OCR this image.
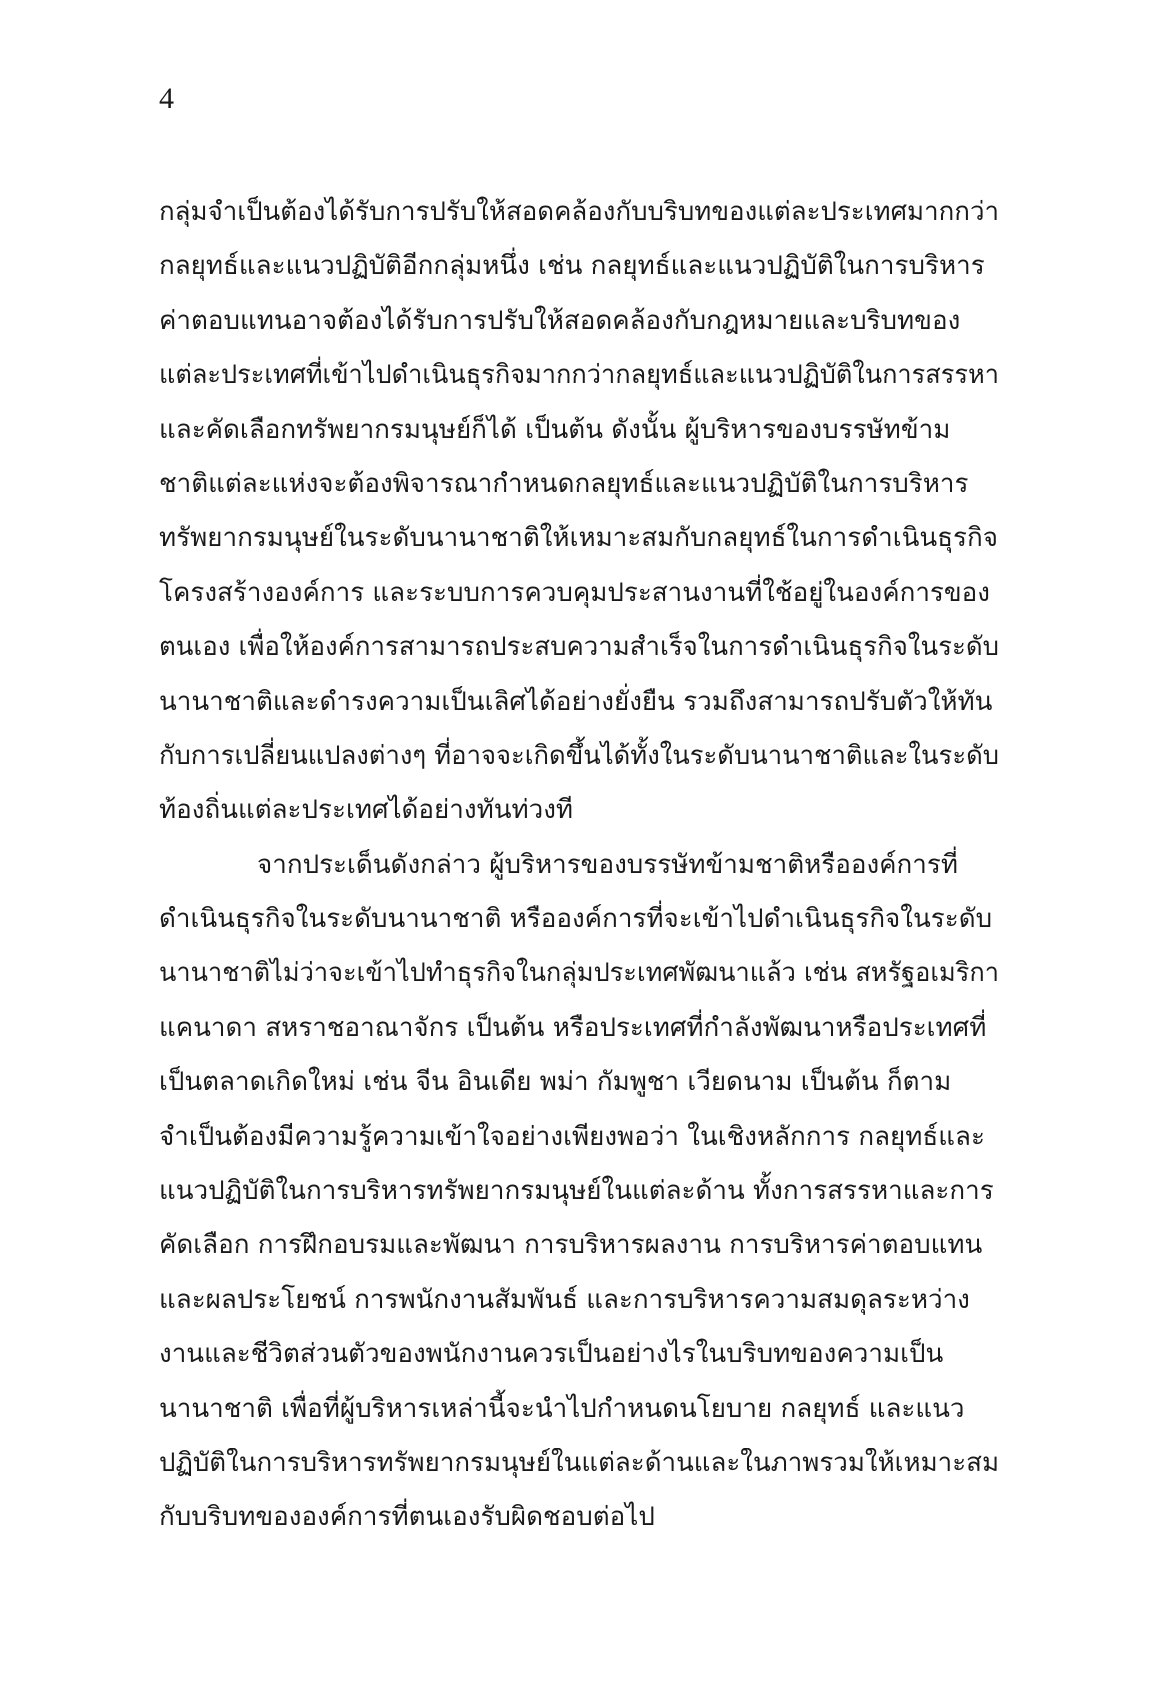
4

กลุ่มจำเป็นต้องได้รับการปรับให้สอดคล้องกับบริบทของแต่ละประเทศมากกว่า
กลยุทธ์และแนวปฏิบัติอีกกลุ่มหนึ่ง เช่น กลยุทธ์และแนวปฏิบัติในการบริหาร
ค่าตอบแทนอาจต้องได้รับการปรับให้สอดคล้องกับกฎหมายและบริบทของ
แต่ละประเทศที่เข้าไปดำเนินธุรกิจมากกว่ากลยุทธ์และแนวปฏิบัติในการสรรหา
และคัดเลือกทรัพยากรมนุษย์ก็ได้ เป็นต้น ดังนั้น ผู้บริหารของบรรษัทข้าม
ชาติแต่ละแห่งจะต้องพิจารณากำหนดกลยุทธ์และแนวปฏิบัติในการบริหาร
ทรัพยากรมนุษย์ในระดับนานาชาติให้เหมาะสมกับกลยุทธ์ในการดำเนินธุรกิจ
โครงสร้างองค์การ และระบบการควบคุมประสานงานที่ใช้อยู่ในองค์การของ
ตนเอง เพื่อให้องค์การสามารถประสบความสำเร็จในการดำเนินธุรกิจในระดับ
นานาชาติและดำรงความเป็นเลิศได้อย่างยั่งยืน รวมถึงสามารถปรับตัวให้ทัน
กับการเปลี่ยนแปลงต่างๆ ที่อาจจะเกิดขึ้นได้ทั้งในระดับนานาชาติและในระดับ
ท้องถิ่นแต่ละประเทศได้อย่างทันท่วงที
จากประเด็นดังกล่าว ผู้บริหารของบรรษัทข้ามชาติหรือองค์การที่
ดำเนินธุรกิจในระดับนานาชาติ หรือองค์การที่จะเข้าไปดำเนินธุรกิจในระดับ
นานาชาติไม่ว่าจะเข้าไปทำธุรกิจในกลุ่มประเทศพัฒนาแล้ว เช่น สหรัฐอเมริกา
แคนาดา สหราชอาณาจักร เป็นต้น หรือประเทศที่กำลังพัฒนาหรือประเทศที่
เป็นตลาดเกิดใหม่ เช่น จีน อินเดีย พม่า กัมพูชา เวียดนาม เป็นต้น ก็ตาม
จำเป็นต้องมีความรู้ความเข้าใจอย่างเพียงพอว่า ในเชิงหลักการ กลยุทธ์และ
แนวปฏิบัติในการบริหารทรัพยากรมนุษย์ในแต่ละด้าน ทั้งการสรรหาและการ
คัดเลือก การฝึกอบรมและพัฒนา การบริหารผลงาน การบริหารค่าตอบแทน
และผลประโยชน์ การพนักงานสัมพันธ์ และการบริหารความสมดุลระหว่าง
งานและชีวิตส่วนตัวของพนักงานควรเป็นอย่างไรในบริบทของความเป็น
นานาชาติ เพื่อที่ผู้บริหารเหล่านี้จะนำไปกำหนดนโยบาย กลยุทธ์ และแนว
ปฏิบัติในการบริหารทรัพยากรมนุษย์ในแต่ละด้านและในภาพรวมให้เหมาะสม
กับบริบทขององค์การที่ตนเองรับผิดชอบต่อไป
